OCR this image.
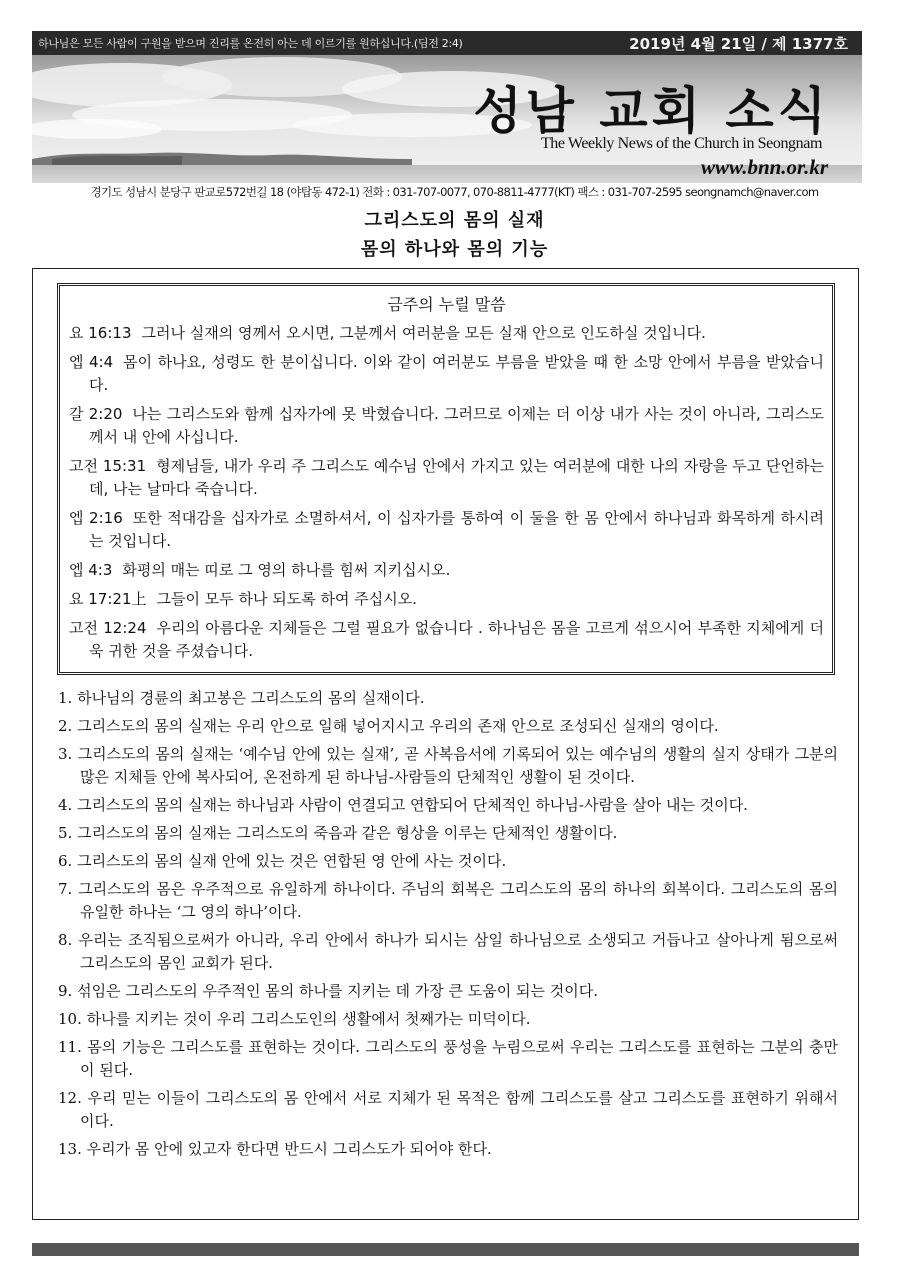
하나님은 모든 사람이 구원을 받으며 진리를 온전히 아는 데 이르기를 원하십니다.(딤전 2:4)	2019년 4월 21일 / 제 1377호
성남 교회 소식
The Weekly News of the Church in Seongnam
www.bnn.or.kr
경기도 성남시 분당구 판교로572번길 18 (야탑동 472-1) 전화 : 031-707-0077, 070-8811-4777(KT) 팩스 : 031-707-2595 seongnamch@naver.com
그리스도의 몸의 실재
몸의 하나와 몸의 기능
금주의 누릴 말씀

요 16:13 그러나 실재의 영께서 오시면, 그분께서 여러분을 모든 실재 안으로 인도하실 것입니다.

엡 4:4 몸이 하나요, 성령도 한 분이십니다. 이와 같이 여러분도 부름을 받았을 때 한 소망 안에서 부름을 받았습니다.

갈 2:20 나는 그리스도와 함께 십자가에 못 박혔습니다. 그러므로 이제는 더 이상 내가 사는 것이 아니라, 그리스도께서 내 안에 사십니다.

고전 15:31 형제님들, 내가 우리 주 그리스도 예수님 안에서 가지고 있는 여러분에 대한 나의 자랑을 두고 단언하는데, 나는 날마다 죽습니다.

엡 2:16 또한 적대감을 십자가로 소멸하셔서, 이 십자가를 통하여 이 둘을 한 몸 안에서 하나님과 화목하게 하시려는 것입니다.

엡 4:3 화평의 매는 띠로 그 영의 하나를 힘써 지키십시오.

요 17:21上 그들이 모두 하나 되도록 하여 주십시오.

고전 12:24 우리의 아름다운 지체들은 그럴 필요가 없습니다 . 하나님은 몸을 고르게 섞으시어 부족한 지체에게 더욱 귀한 것을 주셨습니다.

1. 하나님의 경륜의 최고봉은 그리스도의 몸의 실재이다.
2. 그리스도의 몸의 실재는 우리 안으로 일해 넣어지시고 우리의 존재 안으로 조성되신 실재의 영이다.
3. 그리스도의 몸의 실재는 ‘예수님 안에 있는 실재’, 곧 사복음서에 기록되어 있는 예수님의 생활의 실지 상태가 그분의 많은 지체들 안에 복사되어, 온전하게 된 하나님-사람들의 단체적인 생활이 된 것이다.
4. 그리스도의 몸의 실재는 하나님과 사람이 연결되고 연합되어 단체적인 하나님-사람을 살아 내는 것이다.
5. 그리스도의 몸의 실재는 그리스도의 죽음과 같은 형상을 이루는 단체적인 생활이다.
6. 그리스도의 몸의 실재 안에 있는 것은 연합된 영 안에 사는 것이다.
7. 그리스도의 몸은 우주적으로 유일하게 하나이다. 주님의 회복은 그리스도의 몸의 하나의 회복이다. 그리스도의 몸의 유일한 하나는 ‘그 영의 하나’이다.
8. 우리는 조직됨으로써가 아니라, 우리 안에서 하나가 되시는 삼일 하나님으로 소생되고 거듭나고 살아나게 됨으로써 그리스도의 몸인 교회가 된다.
9. 섞임은 그리스도의 우주적인 몸의 하나를 지키는 데 가장 큰 도움이 되는 것이다.
10. 하나를 지키는 것이 우리 그리스도인의 생활에서 첫째가는 미덕이다.
11. 몸의 기능은 그리스도를 표현하는 것이다. 그리스도의 풍성을 누림으로써 우리는 그리스도를 표현하는 그분의 충만이 된다.
12. 우리 믿는 이들이 그리스도의 몸 안에서 서로 지체가 된 목적은 함께 그리스도를 살고 그리스도를 표현하기 위해서이다.
13. 우리가 몸 안에 있고자 한다면 반드시 그리스도가 되어야 한다.
